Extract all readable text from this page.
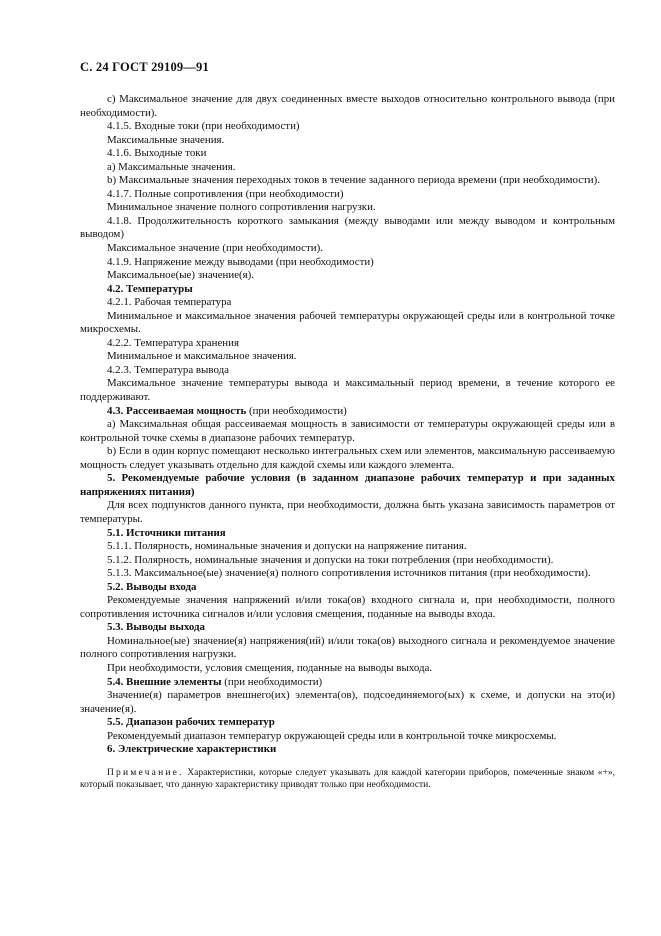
С. 24 ГОСТ 29109—91

с) Максимальное значение для двух соединенных вместе выходов относительно контрольного вывода (при необходимости).

4.1.5. Входные токи (при необходимости)

Максимальные значения.

4.1.6. Выходные токи

а) Максимальные значения.

b) Максимальные значения переходных токов в течение заданного периода времени (при необходимости).

4.1.7. Полные сопротивления (при необходимости)

Минимальное значение полного сопротивления нагрузки.

4.1.8. Продолжительность короткого замыкания (между выводами или между выводом и контрольным выводом)

Максимальное значение (при необходимости).

4.1.9. Напряжение между выводами (при необходимости)

Максимальное(ые) значение(я).

4.2. Температуры

4.2.1. Рабочая температура

Минимальное и максимальное значения рабочей температуры окружающей среды или в контрольной точке микросхемы.

4.2.2. Температура хранения

Минимальное и максимальное значения.

4.2.3. Температура вывода

Максимальное значение температуры вывода и максимальный период времени, в течение которого ее поддерживают.

4.3. Рассеиваемая мощность (при необходимости)

а) Максимальная общая рассеиваемая мощность в зависимости от температуры окружающей среды или в контрольной точке схемы в диапазоне рабочих температур.

b) Если в один корпус помещают несколько интегральных схем или элементов, максимальную рассеиваемую мощность следует указывать отдельно для каждой схемы или каждого элемента.

5. Рекомендуемые рабочие условия (в заданном диапазоне рабочих температур и при заданных напряжениях питания)

Для всех подпунктов данного пункта, при необходимости, должна быть указана зависимость параметров от температуры.

5.1. Источники питания

5.1.1. Полярность, номинальные значения и допуски на напряжение питания.

5.1.2. Полярность, номинальные значения и допуски на токи потребления (при необходимости).

5.1.3. Максимальное(ые) значение(я) полного сопротивления источников питания (при необходимости).

5.2. Выводы входа

Рекомендуемые значения напряжений и/или тока(ов) входного сигнала и, при необходимости, полного сопротивления источника сигналов и/или условия смещения, поданные на выводы входа.

5.3. Выводы выхода

Номинальное(ые) значение(я) напряжения(ий) и/или тока(ов) выходного сигнала и рекомендуемое значение полного сопротивления нагрузки.

При необходимости, условия смещения, поданные на выводы выхода.

5.4. Внешние элементы (при необходимости)

Значение(я) параметров внешнего(их) элемента(ов), подсоединяемого(ых) к схеме, и допуски на это(и) значение(я).

5.5. Диапазон рабочих температур

Рекомендуемый диапазон температур окружающей среды или в контрольной точке микросхемы.

6. Электрические характеристики

Примечание. Характеристики, которые следует указывать для каждой категории приборов, помеченные знаком «+», который показывает, что данную характеристику приводят только при необходимости.
